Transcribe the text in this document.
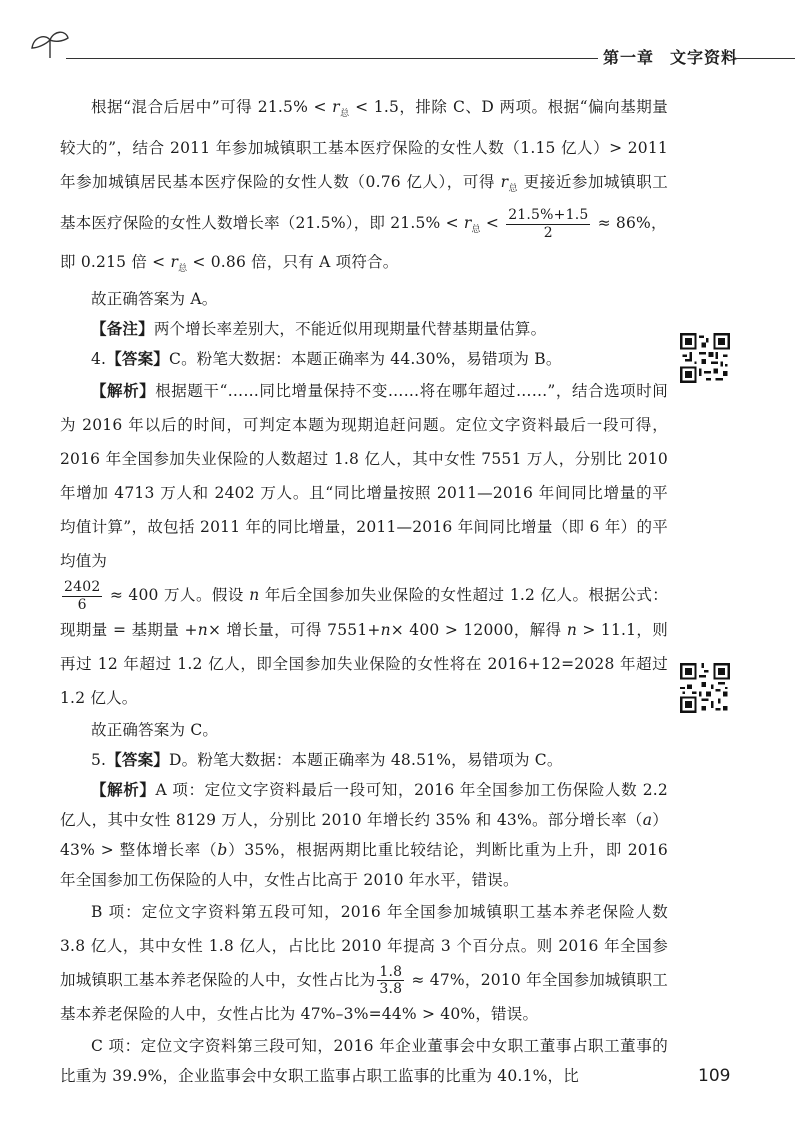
第一章 文字资料

根据“混合后居中”可得 $21.5\% < r_总 < 1.5$，排除 C、D 两项。根据“偏向基期量较大的”，结合 2011 年参加城镇职工基本医疗保险的女性人数（1.15 亿人）> 2011 年参加城镇居民基本医疗保险的女性人数（0.76 亿人），可得 $r_总$ 更接近参加城镇职工基本医疗保险的女性人数增长率（21.5%），即 $21.5\% < r_总 < \frac{21.5\%+1.5}{2} \approx 86\%$，

即 0.215 倍 < $r_总 < 0.86$ 倍，只有 A 项符合。

故正确答案为 A。

【备注】两个增长率差别大，不能近似用现期量代替基期量估算。

4.【答案】C。粉笔大数据：本题正确率为 44.30%，易错项为 B。

【解析】根据题干“……同比增量保持不变……将在哪年超过……”，结合选项时间为 2016 年以后的时间，可判定本题为现期追赶问题。定位文字资料最后一段可得，2016 年全国参加失业保险的人数超过 1.8 亿人，其中女性 7551 万人，分别比 2010 年增加 4713 万人和 2402 万人。且“同比增量按照 2011—2016 年间同比增量的平均值计算”，故包括 2011 年的同比增量，2011—2016 年间同比增量（即 6 年）的平均值为

$\frac{2402}{6} \approx 400$ 万人。假设 n 年后全国参加失业保险的女性超过 1.2 亿人。根据公式：现期量 = 基期量 +n× 增长量，可得 7551+n× 400 > 12000，解得 n > 11.1，则再过 12 年超过 1.2 亿人，即全国参加失业保险的女性将在 2016+12=2028 年超过 1.2 亿人。

故正确答案为 C。

5.【答案】D。粉笔大数据：本题正确率为 48.51%，易错项为 C。

【解析】A 项：定位文字资料最后一段可知，2016 年全国参加工伤保险人数 2.2 亿人，其中女性 8129 万人，分别比 2010 年增长约 35% 和 43%。部分增长率（a）43% > 整体增长率（b）35%，根据两期比重比较结论，判断比重为上升，即 2016 年全国参加工伤保险的人中，女性占比高于 2010 年水平，错误。

B 项：定位文字资料第五段可知，2016 年全国参加城镇职工基本养老保险人数 3.8 亿人，其中女性 1.8 亿人，占比比 2010 年提高 3 个百分点。则 2016 年全国参加城镇职工基本养老保险的人中，女性占比为 $\frac{1.8}{3.8} \approx 47\%$，2010 年全国参加城镇职工基本养老保险的人中，女性占比为 47%–3%=44% > 40%，错误。

C 项：定位文字资料第三段可知，2016 年企业董事会中女职工董事占职工董事的比重为 39.9%，企业监事会中女职工监事占职工监事的比重为 40.1%，比	109
